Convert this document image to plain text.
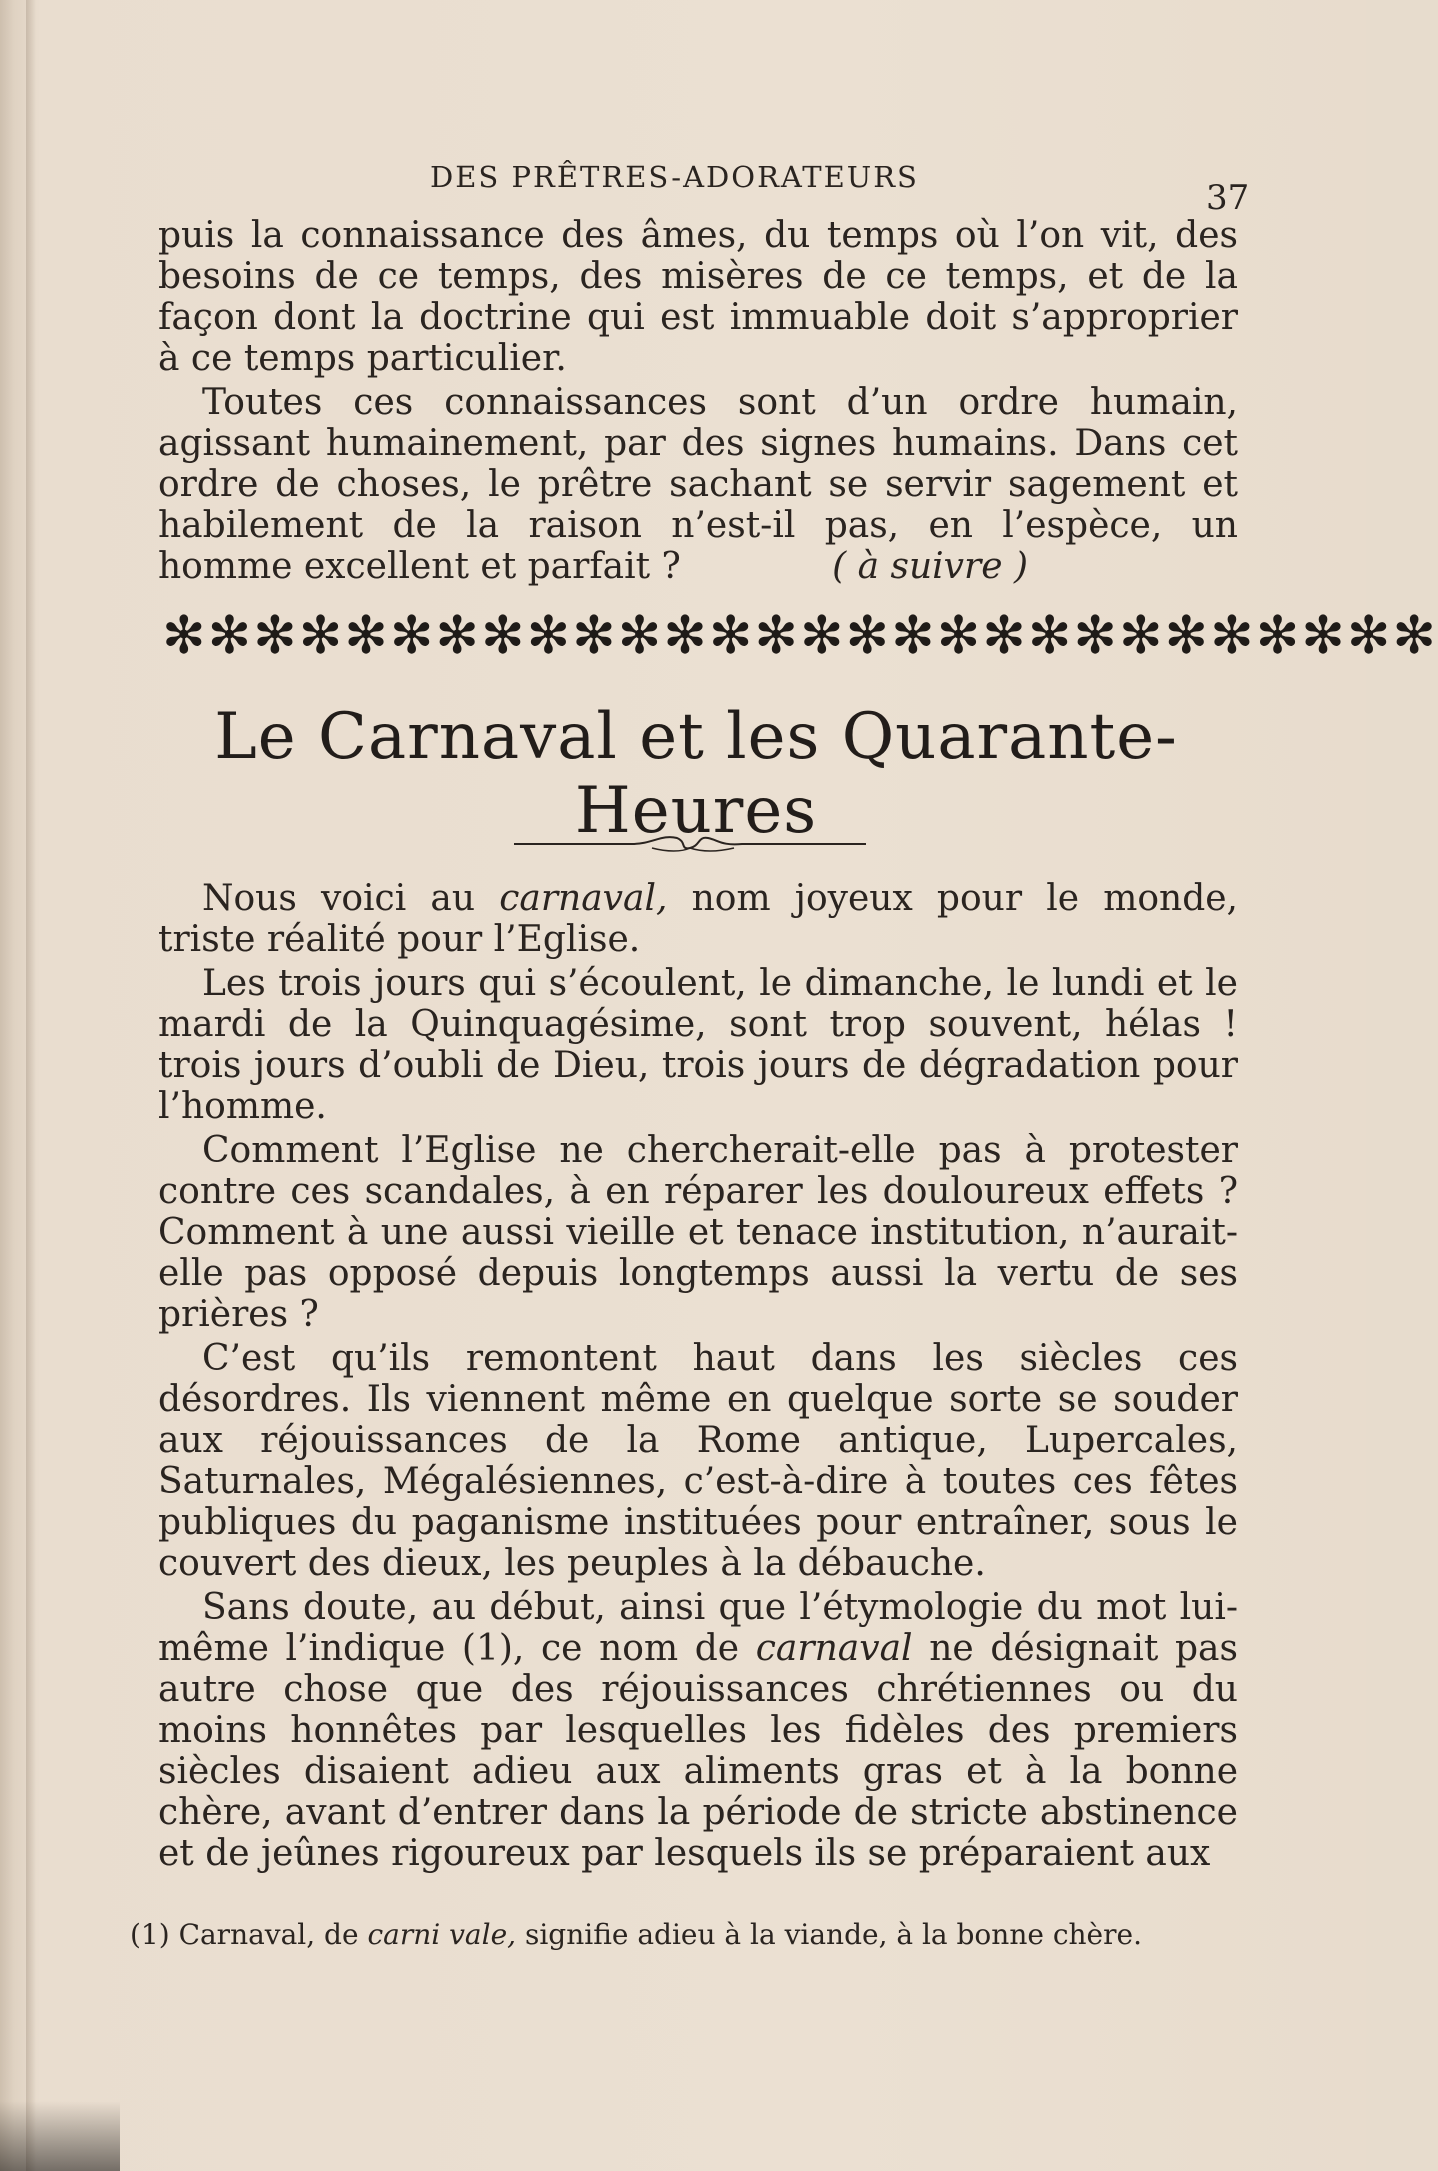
DES PRÊTRES-ADORATEURS
37

puis la connaissance des âmes, du temps où l’on vit, des besoins de ce temps, des misères de ce temps, et de la façon dont la doctrine qui est immuable doit s’approprier à ce temps particulier.

Toutes ces connaissances sont d’un ordre humain, agissant humainement, par des signes humains. Dans cet ordre de choses, le prêtre sachant se servir sagement et habilement de la raison n’est-il pas, en l’espèce, un homme excellent et parfait ?	( à suivre )

✻✻✻✻✻✻✻✻✻✻✻✻✻✻✻✻✻✻✻✻✻✻✻✻✻✻✻✻
Le Carnaval et les Quarante-Heures

Nous voici au carnaval, nom joyeux pour le monde, triste réalité pour l’Eglise.

Les trois jours qui s’écoulent, le dimanche, le lundi et le mardi de la Quinquagésime, sont trop souvent, hélas ! trois jours d’oubli de Dieu, trois jours de dégradation pour l’homme.

Comment l’Eglise ne chercherait-elle pas à protester contre ces scandales, à en réparer les douloureux effets ? Comment à une aussi vieille et tenace institution, n’aurait-elle pas opposé depuis longtemps aussi la vertu de ses prières ?

C’est qu’ils remontent haut dans les siècles ces désordres. Ils viennent même en quelque sorte se souder aux réjouissances de la Rome antique, Lupercales, Saturnales, Mégalésiennes, c’est-à-dire à toutes ces fêtes publiques du paganisme instituées pour entraîner, sous le couvert des dieux, les peuples à la débauche.

Sans doute, au début, ainsi que l’étymologie du mot lui-même l’indique (1), ce nom de carnaval ne désignait pas autre chose que des réjouissances chrétiennes ou du moins honnêtes par lesquelles les fidèles des premiers siècles disaient adieu aux aliments gras et à la bonne chère, avant d’entrer dans la période de stricte abstinence et de jeûnes rigoureux par lesquels ils se préparaient aux

(1) Carnaval, de carni vale, signifie adieu à la viande, à la bonne chère.
